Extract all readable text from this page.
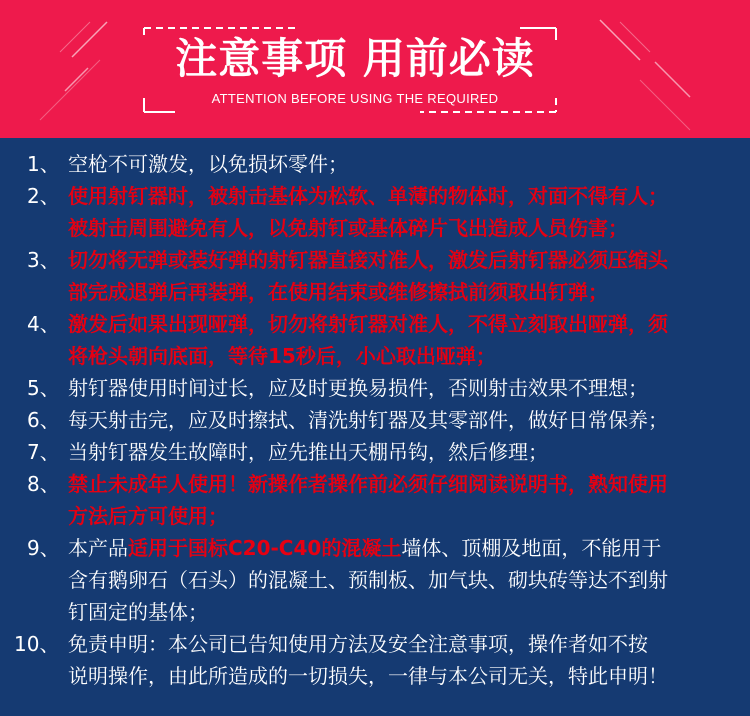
注意事项 用前必读
ATTENTION BEFORE USING THE REQUIRED
1、 空枪不可激发，以免损坏零件；
2、 使用射钉器时，被射击基体为松软、单薄的物体时，对面不得有人；
被射击周围避免有人，以免射钉或基体碎片飞出造成人员伤害；
3、 切勿将无弹或装好弹的射钉器直接对准人，激发后射钉器必须压缩头
部完成退弹后再装弹，在使用结束或维修擦拭前须取出钉弹；
4、 激发后如果出现哑弹，切勿将射钉器对准人，不得立刻取出哑弹，须
将枪头朝向底面，等待15秒后，小心取出哑弹；
5、 射钉器使用时间过长，应及时更换易损件，否则射击效果不理想；
6、 每天射击完，应及时擦拭、清洗射钉器及其零部件，做好日常保养；
7、 当射钉器发生故障时，应先推出天棚吊钩，然后修理；
8、 禁止未成年人使用！新操作者操作前必须仔细阅读说明书，熟知使用
方法后方可使用；
9、 本产品适用于国标C20-C40的混凝土墙体、顶棚及地面，不能用于
含有鹅卵石（石头）的混凝土、预制板、加气块、砌块砖等达不到射
钉固定的基体；
10、 免责申明：本公司已告知使用方法及安全注意事项，操作者如不按
说明操作，由此所造成的一切损失，一律与本公司无关，特此申明！
